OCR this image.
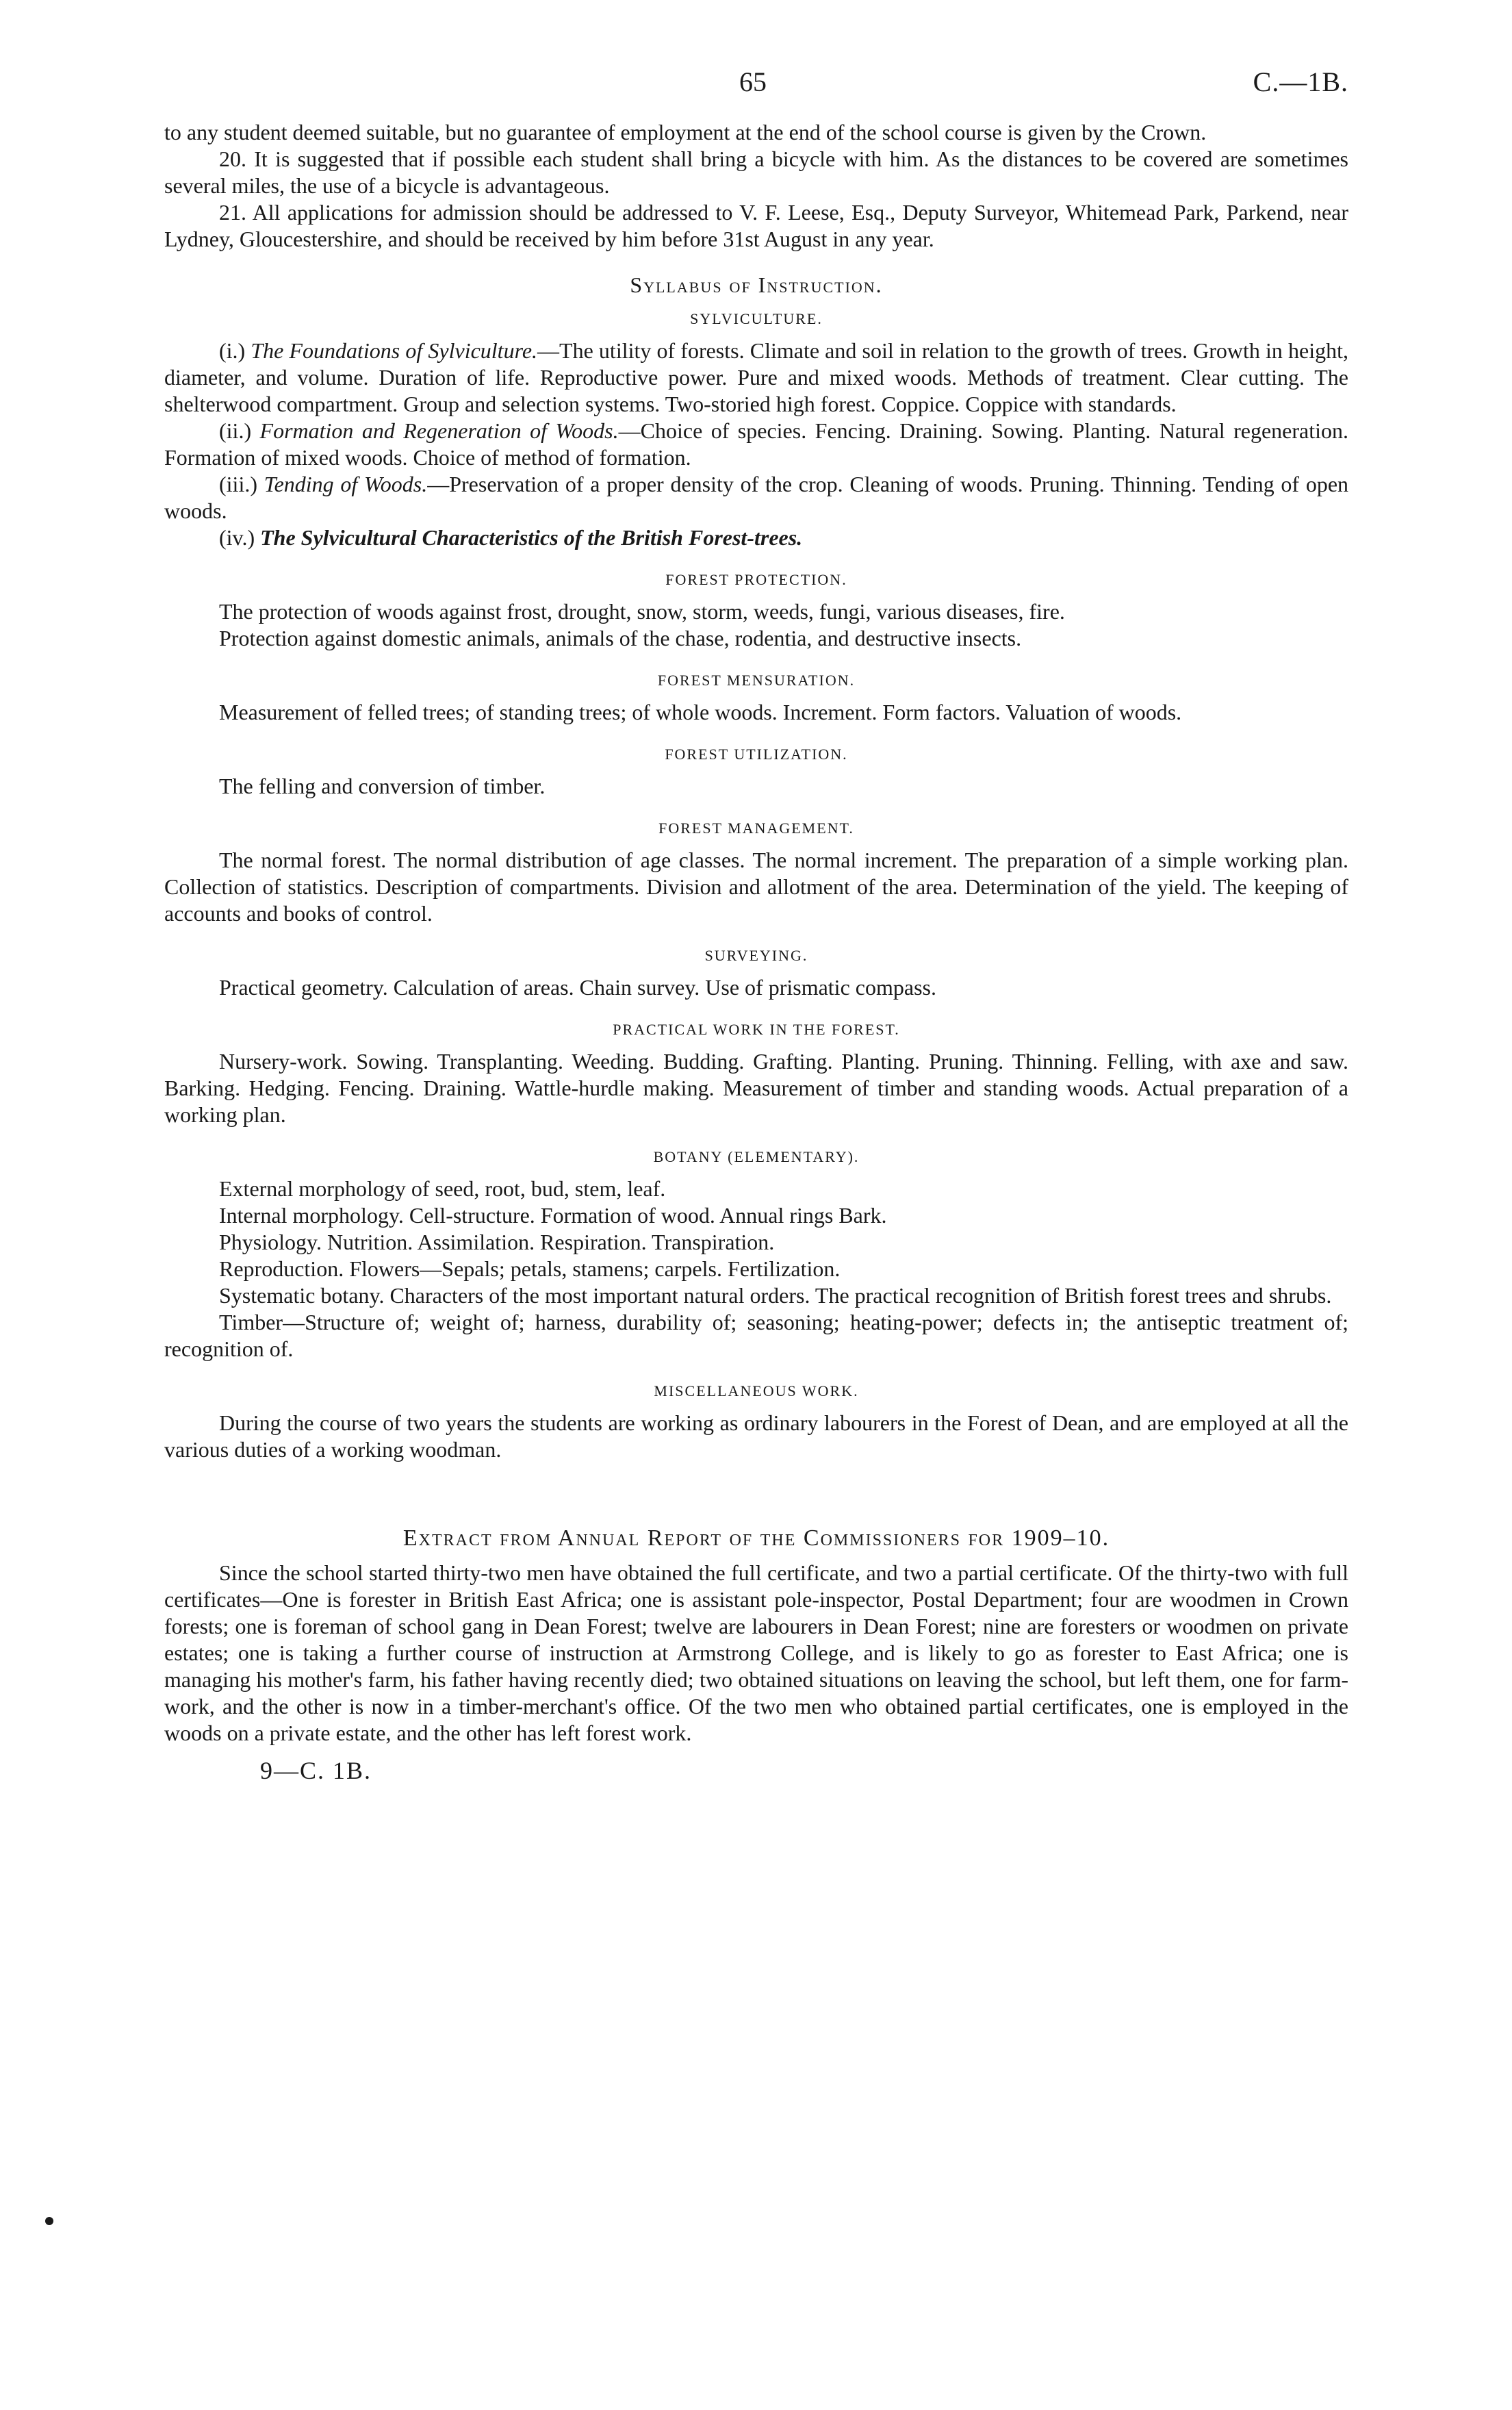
65	C.—1B.

to any student deemed suitable, but no guarantee of employment at the end of the school course is given by the Crown.

20. It is suggested that if possible each student shall bring a bicycle with him. As the distances to be covered are sometimes several miles, the use of a bicycle is advantageous.

21. All applications for admission should be addressed to V. F. Leese, Esq., Deputy Surveyor, Whitemead Park, Parkend, near Lydney, Gloucestershire, and should be received by him before 31st August in any year.

Syllabus of Instruction.
SYLVICULTURE.

(i.) The Foundations of Sylviculture.—The utility of forests. Climate and soil in relation to the growth of trees. Growth in height, diameter, and volume. Duration of life. Reproductive power. Pure and mixed woods. Methods of treatment. Clear cutting. The shelterwood compartment. Group and selection systems. Two-storied high forest. Coppice. Coppice with standards.

(ii.) Formation and Regeneration of Woods.—Choice of species. Fencing. Draining. Sowing. Planting. Natural regeneration. Formation of mixed woods. Choice of method of formation.

(iii.) Tending of Woods.—Preservation of a proper density of the crop. Cleaning of woods. Pruning. Thinning. Tending of open woods.

(iv.) The Sylvicultural Characteristics of the British Forest-trees.

FOREST PROTECTION.

The protection of woods against frost, drought, snow, storm, weeds, fungi, various diseases, fire.

Protection against domestic animals, animals of the chase, rodentia, and destructive insects.

FOREST MENSURATION.

Measurement of felled trees; of standing trees; of whole woods. Increment. Form factors. Valuation of woods.

FOREST UTILIZATION.

The felling and conversion of timber.

FOREST MANAGEMENT.

The normal forest. The normal distribution of age classes. The normal increment. The preparation of a simple working plan. Collection of statistics. Description of compartments. Division and allotment of the area. Determination of the yield. The keeping of accounts and books of control.

SURVEYING.

Practical geometry. Calculation of areas. Chain survey. Use of prismatic compass.

PRACTICAL WORK IN THE FOREST.

Nursery-work. Sowing. Transplanting. Weeding. Budding. Grafting. Planting. Pruning. Thinning. Felling, with axe and saw. Barking. Hedging. Fencing. Draining. Wattle-hurdle making. Measurement of timber and standing woods. Actual preparation of a working plan.

BOTANY (ELEMENTARY).

External morphology of seed, root, bud, stem, leaf.

Internal morphology. Cell-structure. Formation of wood. Annual rings Bark.

Physiology. Nutrition. Assimilation. Respiration. Transpiration.

Reproduction. Flowers—Sepals; petals, stamens; carpels. Fertilization.

Systematic botany. Characters of the most important natural orders. The practical recognition of British forest trees and shrubs.

Timber—Structure of; weight of; harness, durability of; seasoning; heating-power; defects in; the antiseptic treatment of; recognition of.

MISCELLANEOUS WORK.

During the course of two years the students are working as ordinary labourers in the Forest of Dean, and are employed at all the various duties of a working woodman.

Extract from Annual Report of the Commissioners for 1909–10.

Since the school started thirty-two men have obtained the full certificate, and two a partial certificate. Of the thirty-two with full certificates—One is forester in British East Africa; one is assistant pole-inspector, Postal Department; four are woodmen in Crown forests; one is foreman of school gang in Dean Forest; twelve are labourers in Dean Forest; nine are foresters or woodmen on private estates; one is taking a further course of instruction at Armstrong College, and is likely to go as forester to East Africa; one is managing his mother's farm, his father having recently died; two obtained situations on leaving the school, but left them, one for farm-work, and the other is now in a timber-merchant's office. Of the two men who obtained partial certificates, one is employed in the woods on a private estate, and the other has left forest work.

9—C. 1B.
